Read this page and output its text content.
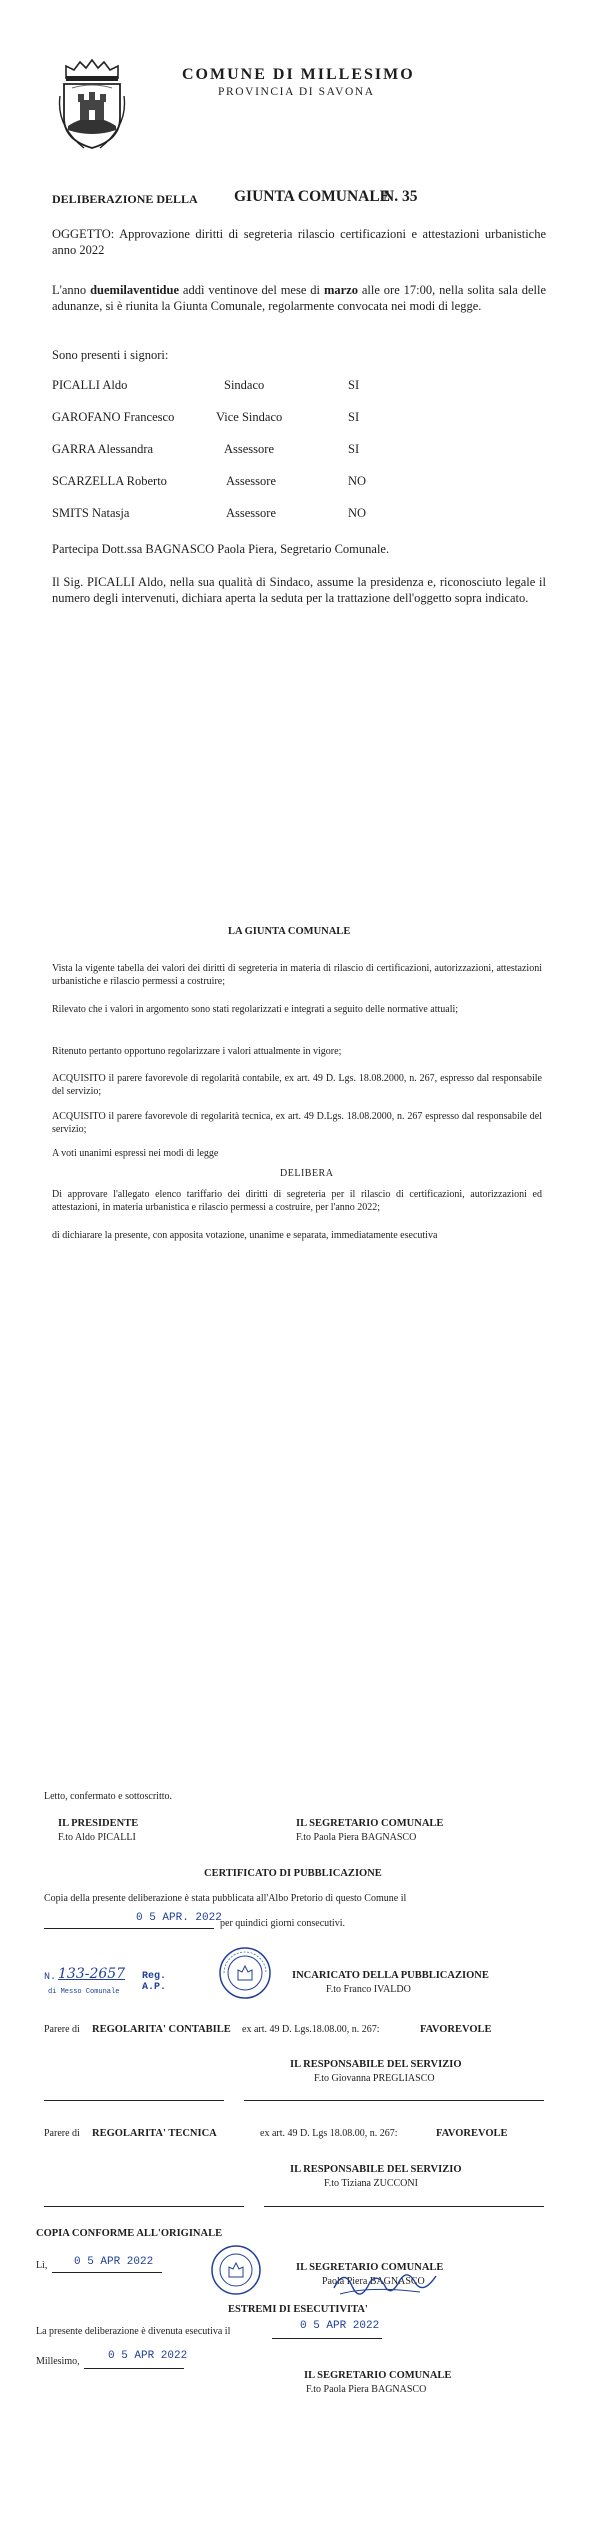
COMUNE DI MILLESIMO
PROVINCIA DI SAVONA
DELIBERAZIONE DELLA GIUNTA COMUNALE
N. 35
OGGETTO: Approvazione diritti di segreteria rilascio certificazioni e attestazioni urbanistiche anno 2022
L'anno duemilaventidue addì ventinove del mese di marzo alle ore 17:00, nella solita sala delle adunanze, si è riunita la Giunta Comunale, regolarmente convocata nei modi di legge.
Sono presenti i signori:
PICALLI Aldo	Sindaco	SI
GAROFANO Francesco	Vice Sindaco	SI
GARRA Alessandra	Assessore	SI
SCARZELLA Roberto	Assessore	NO
SMITS Natasja	Assessore	NO
Partecipa Dott.ssa BAGNASCO Paola Piera, Segretario Comunale.
Il Sig. PICALLI Aldo, nella sua qualità di Sindaco, assume la presidenza e, riconosciuto legale il numero degli intervenuti, dichiara aperta la seduta per la trattazione dell'oggetto sopra indicato.
LA GIUNTA COMUNALE
Vista la vigente tabella dei valori dei diritti di segreteria in materia di rilascio di certificazioni, autorizzazioni, attestazioni urbanistiche e rilascio permessi a costruire;
Rilevato che i valori in argomento sono stati regolarizzati e integrati a seguito delle normative attuali;
Ritenuto pertanto opportuno regolarizzare i valori attualmente in vigore;
ACQUISITO il parere favorevole di regolarità contabile, ex art. 49 D. Lgs. 18.08.2000, n. 267, espresso dal responsabile del servizio;
ACQUISITO il parere favorevole di regolarità tecnica, ex art. 49 D.Lgs. 18.08.2000, n. 267 espresso dal responsabile del servizio;
A voti unanimi espressi nei modi di legge
DELIBERA
Di approvare l'allegato elenco tariffario dei diritti di segreteria per il rilascio di certificazioni, autorizzazioni ed attestazioni, in materia urbanistica e rilascio permessi a costruire, per l'anno 2022;
di dichiarare la presente, con apposita votazione, unanime e separata, immediatamente esecutiva
Letto, confermato e sottoscritto.
IL PRESIDENTE
F.to Aldo PICALLI
IL SEGRETARIO COMUNALE
F.to Paola Piera BAGNASCO
CERTIFICATO DI PUBBLICAZIONE
Copia della presente deliberazione è stata pubblicata all'Albo Pretorio di questo Comune il
0 5 APR. 2022
per quindici giorni consecutivi.
N. 133-2657 Reg. A.P.
di Messo Comunale
INCARICATO DELLA PUBBLICAZIONE
F.to Franco IVALDO
Parere di REGOLARITA' CONTABILE ex art. 49 D. Lgs.18.08.00, n. 267:	FAVOREVOLE
IL RESPONSABILE DEL SERVIZIO
F.to Giovanna PREGLIASCO
Parere di REGOLARITA' TECNICA	ex art. 49 D. Lgs 18.08.00, n. 267:	FAVOREVOLE
IL RESPONSABILE DEL SERVIZIO
F.to Tiziana ZUCCONI
COPIA CONFORME ALL'ORIGINALE
Lì, 0 5 APR 2022	IL SEGRETARIO COMUNALE
Paola Piera BAGNASCO
ESTREMI DI ESECUTIVITA'
La presente deliberazione è divenuta esecutiva il	0 5 APR 2022
Millesimo,	0 5 APR 2022
IL SEGRETARIO COMUNALE
F.to Paola Piera BAGNASCO
